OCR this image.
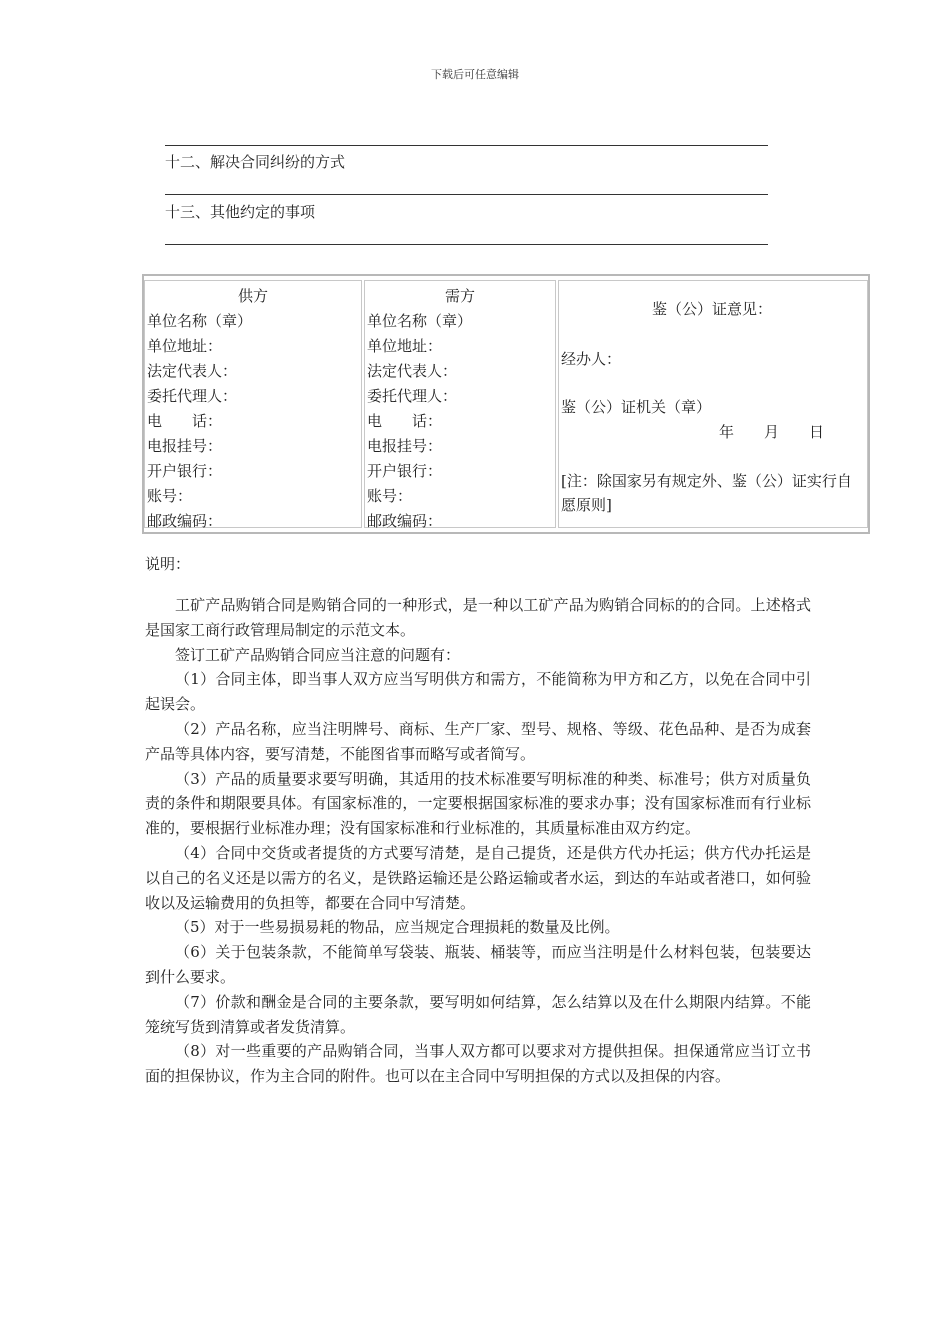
下载后可任意编辑
十二、解决合同纠纷的方式
十三、其他约定的事项
供方
单位名称（章）
单位地址：
法定代表人：
委托代理人：
电　　话：
电报挂号：
开户银行：
账号：
邮政编码：
需方
单位名称（章）
单位地址：
法定代表人：
委托代理人：
电　　话：
电报挂号：
开户银行：
账号：
邮政编码：
鉴（公）证意见：
经办人：
鉴（公）证机关（章）
年　　月　　日
[注：除国家另有规定外、鉴（公）证实行自愿原则]
说明：

工矿产品购销合同是购销合同的一种形式，是一种以工矿产品为购销合同标的的合同。上述格式是国家工商行政管理局制定的示范文本。

签订工矿产品购销合同应当注意的问题有：

（1）合同主体，即当事人双方应当写明供方和需方，不能简称为甲方和乙方，以免在合同中引起误会。

（2）产品名称，应当注明牌号、商标、生产厂家、型号、规格、等级、花色品种、是否为成套产品等具体内容，要写清楚，不能图省事而略写或者简写。

（3）产品的质量要求要写明确，其适用的技术标准要写明标准的种类、标准号；供方对质量负责的条件和期限要具体。有国家标准的，一定要根据国家标准的要求办事；没有国家标准而有行业标准的，要根据行业标准办理；没有国家标准和行业标准的，其质量标准由双方约定。

（4）合同中交货或者提货的方式要写清楚，是自己提货，还是供方代办托运；供方代办托运是以自己的名义还是以需方的名义，是铁路运输还是公路运输或者水运，到达的车站或者港口，如何验收以及运输费用的负担等，都要在合同中写清楚。

（5）对于一些易损易耗的物品，应当规定合理损耗的数量及比例。

（6）关于包装条款，不能简单写袋装、瓶装、桶装等，而应当注明是什么材料包装，包装要达到什么要求。

（7）价款和酬金是合同的主要条款，要写明如何结算，怎么结算以及在什么期限内结算。不能笼统写货到清算或者发货清算。

（8）对一些重要的产品购销合同，当事人双方都可以要求对方提供担保。担保通常应当订立书面的担保协议，作为主合同的附件。也可以在主合同中写明担保的方式以及担保的内容。
